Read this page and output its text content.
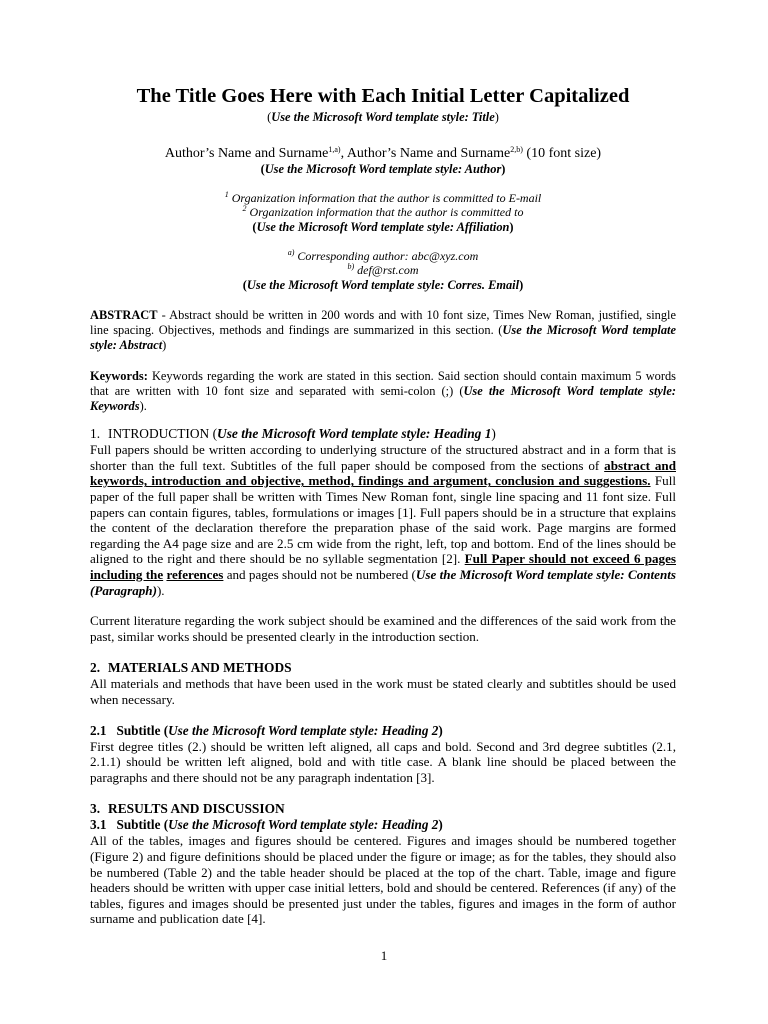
The Title Goes Here with Each Initial Letter Capitalized

(Use the Microsoft Word template style: Title)

Author’s Name and Surname$^{1,a)}$, Author’s Name and Surname$^{2,b)}$ (10 font size)

(Use the Microsoft Word template style: Author)

$^1$ Organization information that the author is committed to E-mail

$^2$ Organization information that the author is committed to

(Use the Microsoft Word template style: Affiliation)

$^{a)}$ Corresponding author: abc@xyz.com

$^{b)}$ def@rst.com

(Use the Microsoft Word template style: Corres. Email)

ABSTRACT - Abstract should be written in 200 words and with 10 font size, Times New Roman, justified, single line spacing. Objectives, methods and findings are summarized in this section. (Use the Microsoft Word template style: Abstract)

Keywords: Keywords regarding the work are stated in this section. Said section should contain maximum 5 words that are written with 10 font size and separated with semi-colon (;) (Use the Microsoft Word template style: Keywords).

1. INTRODUCTION (Use the Microsoft Word template style: Heading 1)

Full papers should be written according to underlying structure of the structured abstract and in a form that is shorter than the full text. Subtitles of the full paper should be composed from the sections of abstract and keywords, introduction and objective, method, findings and argument, conclusion and suggestions. Full paper of the full paper shall be written with Times New Roman font, single line spacing and 11 font size. Full papers can contain figures, tables, formulations or images [1]. Full papers should be in a structure that explains the content of the declaration therefore the preparation phase of the said work. Page margins are formed regarding the A4 page size and are 2.5 cm wide from the right, left, top and bottom. End of the lines should be aligned to the right and there should be no syllable segmentation [2]. Full Paper should not exceed 6 pages including the references and pages should not be numbered (Use the Microsoft Word template style: Contents (Paragraph)).

Current literature regarding the work subject should be examined and the differences of the said work from the past, similar works should be presented clearly in the introduction section.

2. MATERIALS AND METHODS

All materials and methods that have been used in the work must be stated clearly and subtitles should be used when necessary.

2.1 Subtitle (Use the Microsoft Word template style: Heading 2)

First degree titles (2.) should be written left aligned, all caps and bold. Second and 3rd degree subtitles (2.1, 2.1.1) should be written left aligned, bold and with title case. A blank line should be placed between the paragraphs and there should not be any paragraph indentation [3].

3. RESULTS AND DISCUSSION
3.1 Subtitle (Use the Microsoft Word template style: Heading 2)

All of the tables, images and figures should be centered. Figures and images should be numbered together (Figure 2) and figure definitions should be placed under the figure or image; as for the tables, they should also be numbered (Table 2) and the table header should be placed at the top of the chart. Table, image and figure headers should be written with upper case initial letters, bold and should be centered. References (if any) of the tables, figures and images should be presented just under the tables, figures and images in the form of author surname and publication date [4].

1
